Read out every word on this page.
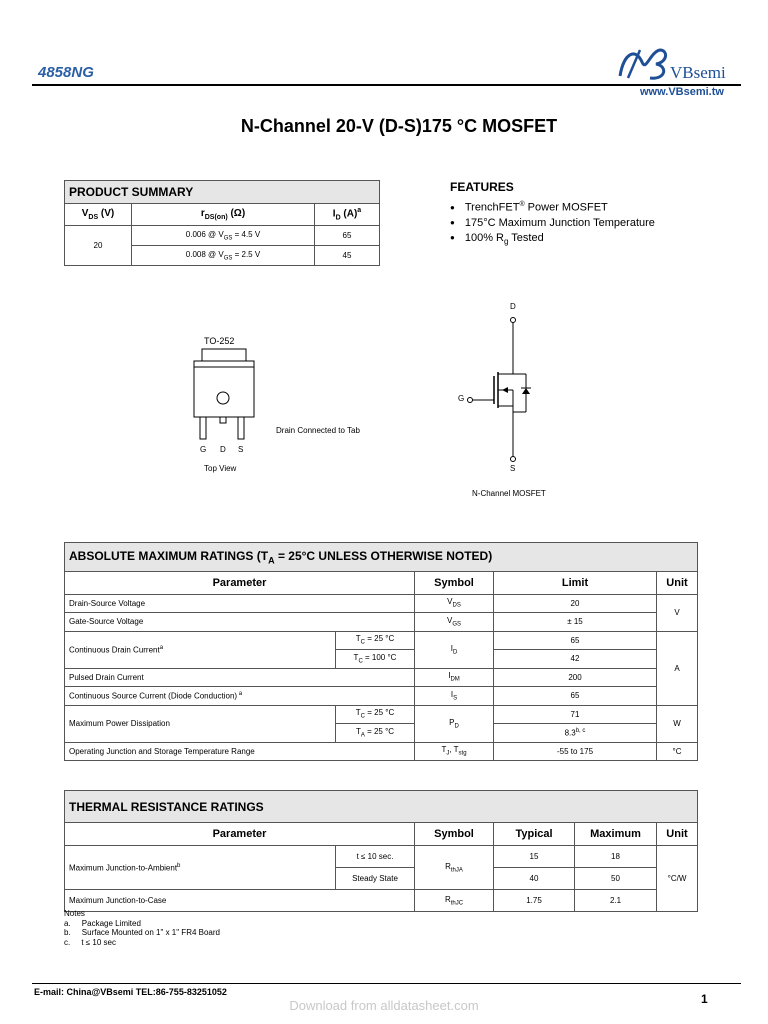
4858NG	VBsemi
www.VBsemi.tw
N-Channel 20-V (D-S)175 °C MOSFET
PRODUCT SUMMARY		
$V_{DS}$ (V)	$r_{DS(on)}$ (Ω)	$I_D$ $(A)^a$
20	0.006 @ $V_{GS} = 4.5$ V	65
	0.008 @ $V_{GS} = 2.5$ V	45
FEATURES
● TrenchFET® Power MOSFET
● 175°C Maximum Junction Temperature
● 100% $R_g$ Tested
TO-252
G D S
Top View
Drain Connected to Tab
D
G
S
N-Channel MOSFET
ABSOLUTE MAXIMUM RATINGS ($T_A = 25^\circ C$ UNLESS OTHERWISE NOTED)				
Parameter		Symbol	Limit	Unit
Drain-Source Voltage		$V_{DS}$	20	V
Gate-Source Voltage		$V_{GS}$	± 15	
Continuous Drain Current$^a$	$T_C = 25$ °C	$I_D$	65	A
	$T_C = 100$ °C		42	
Pulsed Drain Current		$I_{DM}$	200	
Continuous Source Current (Diode Conduction) $^a$		$I_S$	65	
Maximum Power Dissipation	$T_C = 25$ °C	$P_D$	71	W
	$T_A = 25$ °C		8.3$^{b, c}$
Operating Junction and Storage Temperature Range		$T_J$, $T_{stg}$	-55 to 175	°C
THERMAL RESISTANCE RATINGS					
Parameter		Symbol	Typical	Maximum	Unit
Maximum Junction-to-Ambient$^b$	t ≤ 10 sec.	$R_{thJA}$	15	18	°C/W
	Steady State		40	50	
Maximum Junction-to-Case		$R_{thJC}$	1.75	2.1	
Notes
a.     Package Limited
b.     Surface Mounted on 1" x 1" FR4 Board
c.     t ≤ 10 sec
E-mail: China@VBsemi TEL:86-755-83251052	1
Download from alldatasheet.com
